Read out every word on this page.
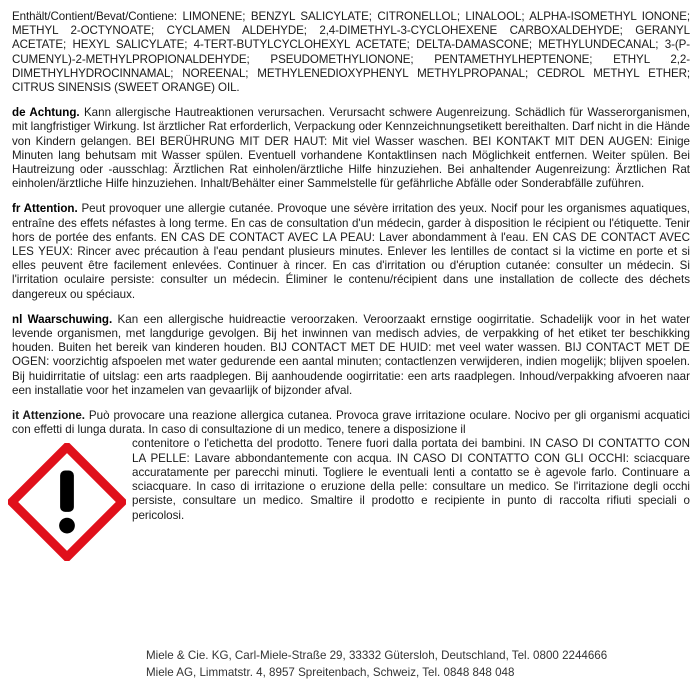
Enthält/Contient/Bevat/Contiene: LIMONENE; BENZYL SALICYLATE; CITRONELLOL; LINALOOL; ALPHA-ISOMETHYL IONONE; METHYL 2-OCTYNOATE; CYCLAMEN ALDEHYDE; 2,4-DIMETHYL-3-CYCLOHEXENE CARBOXALDEHYDE; GERANYL ACETATE; HEXYL SALICYLATE; 4-TERT-BUTYLCYCLOHEXYL ACETATE; DELTA-DAMASCONE; METHYLUNDECANAL; 3-(P-CUMENYL)-2-METHYLPROPIONALDEHYDE; PSEUDOMETHYLIONONE; PENTAMETHYLHEPTENONE; ETHYL 2,2-DIMETHYLHYDROCINNAMAL; NOREENAL; METHYLENEDIOXYPHENYL METHYLPROPANAL; CEDROL METHYL ETHER; CITRUS SINENSIS (SWEET ORANGE) OIL.

de Achtung. Kann allergische Hautreaktionen verursachen. Verursacht schwere Augenreizung. Schädlich für Wasserorganismen, mit langfristiger Wirkung. Ist ärztlicher Rat erforderlich, Verpackung oder Kennzeichnungsetikett bereithalten. Darf nicht in die Hände von Kindern gelangen. BEI BERÜHRUNG MIT DER HAUT: Mit viel Wasser waschen. BEI KONTAKT MIT DEN AUGEN: Einige Minuten lang behutsam mit Wasser spülen. Eventuell vorhandene Kontaktlinsen nach Möglichkeit entfernen. Weiter spülen. Bei Hautreizung oder -ausschlag: Ärztlichen Rat einholen/ärztliche Hilfe hinzuziehen. Bei anhaltender Augenreizung: Ärztlichen Rat einholen/ärztliche Hilfe hinzuziehen. Inhalt/Behälter einer Sammelstelle für gefährliche Abfälle oder Sonderabfälle zuführen.

fr Attention. Peut provoquer une allergie cutanée. Provoque une sévère irritation des yeux. Nocif pour les organismes aquatiques, entraîne des effets néfastes à long terme. En cas de consultation d'un médecin, garder à disposition le récipient ou l'étiquette. Tenir hors de portée des enfants. EN CAS DE CONTACT AVEC LA PEAU: Laver abondamment à l'eau. EN CAS DE CONTACT AVEC LES YEUX: Rincer avec précaution à l'eau pendant plusieurs minutes. Enlever les lentilles de contact si la victime en porte et si elles peuvent être facilement enlevées. Continuer à rincer. En cas d'irritation ou d'éruption cutanée: consulter un médecin. Si l'irritation oculaire persiste: consulter un médecin. Éliminer le contenu/récipient dans une installation de collecte des déchets dangereux ou spéciaux.

nl Waarschuwing. Kan een allergische huidreactie veroorzaken. Veroorzaakt ernstige oogirritatie. Schadelijk voor in het water levende organismen, met langdurige gevolgen. Bij het inwinnen van medisch advies, de verpakking of het etiket ter beschikking houden. Buiten het bereik van kinderen houden. BIJ CONTACT MET DE HUID: met veel water wassen. BIJ CONTACT MET DE OGEN: voorzichtig afspoelen met water gedurende een aantal minuten; contactlenzen verwijderen, indien mogelijk; blijven spoelen. Bij huidirritatie of uitslag: een arts raadplegen. Bij aanhoudende oogirritatie: een arts raadplegen. Inhoud/verpakking afvoeren naar een installatie voor het inzamelen van gevaarlijk of bijzonder afval.

it Attenzione. Può provocare una reazione allergica cutanea. Provoca grave irritazione oculare. Nocivo per gli organismi acquatici con effetti di lunga durata. In caso di consultazione di un medico, tenere a disposizione il

contenitore o l'etichetta del prodotto. Tenere fuori dalla portata dei bambini. IN CASO DI CONTATTO CON LA PELLE: Lavare abbondantemente con acqua. IN CASO DI CONTATTO CON GLI OCCHI: sciacquare accuratamente per parecchi minuti. Togliere le eventuali lenti a contatto se è agevole farlo. Continuare a sciacquare. In caso di irritazione o eruzione della pelle: consultare un medico. Se l'irritazione degli occhi persiste, consultare un medico. Smaltire il prodotto e recipiente in punto di raccolta rifiuti speciali o pericolosi.

Miele & Cie. KG, Carl-Miele-Straße 29, 33332 Gütersloh, Deutschland, Tel. 0800 2244666
Miele AG, Limmatstr. 4, 8957 Spreitenbach, Schweiz, Tel. 0848 848 048
